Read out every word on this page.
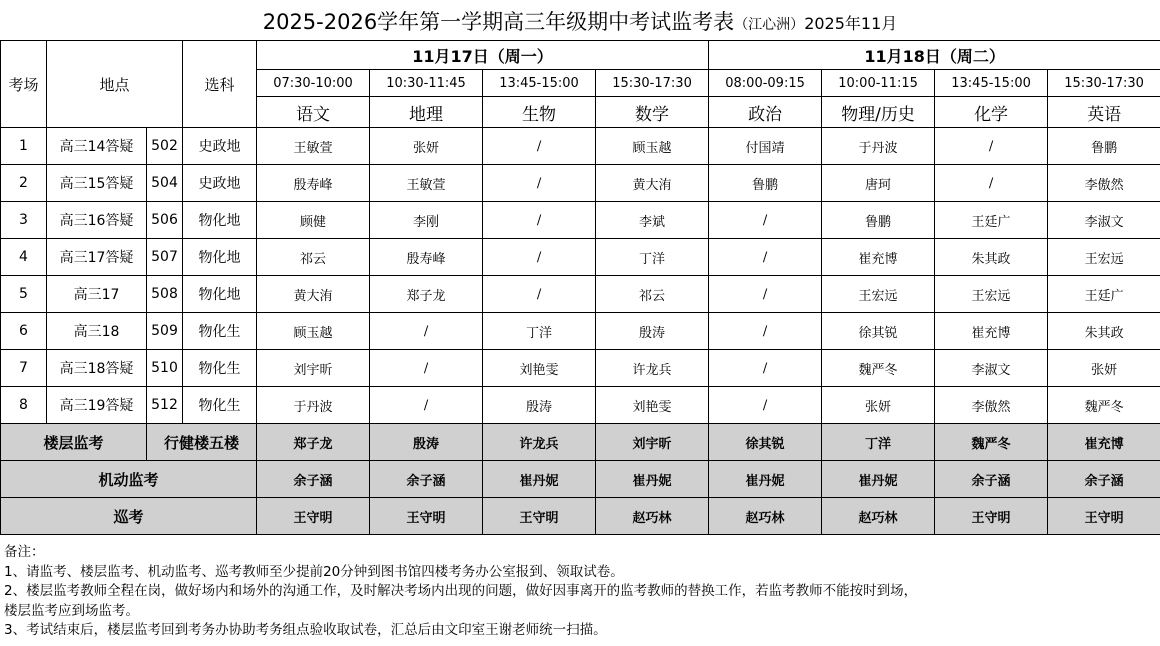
2025-2026学年第一学期高三年级期中考试监考表（江心洲）2025年11月
考场	地点		选科	11月17日（周一）				11月18日（周二）			
				07:30-10:00	10:30-11:45	13:45-15:00	15:30-17:30	08:00-09:15	10:00-11:15	13:45-15:00	15:30-17:30
				语文	地理	生物	数学	政治	物理/历史	化学	英语
1	高三14答疑	502	史政地	王敏萱	张妍	/	顾玉越	付国靖	于丹波	/	鲁鹏
2	高三15答疑	504	史政地	殷寿峰	王敏萱	/	黄大洧	鲁鹏	唐珂	/	李傲然
3	高三16答疑	506	物化地	顾健	李刚	/	李斌	/	鲁鹏	王廷广	李淑文
4	高三17答疑	507	物化地	祁云	殷寿峰	/	丁洋	/	崔充博	朱其政	王宏远
5	高三17	508	物化地	黄大洧	郑子龙	/	祁云	/	王宏远	王宏远	王廷广
6	高三18	509	物化生	顾玉越	/	丁洋	殷涛	/	徐其锐	崔充博	朱其政
7	高三18答疑	510	物化生	刘宇昕	/	刘艳雯	许龙兵	/	魏严冬	李淑文	张妍
8	高三19答疑	512	物化生	于丹波	/	殷涛	刘艳雯	/	张妍	李傲然	魏严冬
楼层监考		行健楼五楼		郑子龙	殷涛	许龙兵	刘宇昕	徐其锐	丁洋	魏严冬	崔充博
机动监考				余子涵	余子涵	崔丹妮	崔丹妮	崔丹妮	崔丹妮	余子涵	余子涵
巡考				王守明	王守明	王守明	赵巧林	赵巧林	赵巧林	王守明	王守明
备注：
1、请监考、楼层监考、机动监考、巡考教师至少提前20分钟到图书馆四楼考务办公室报到、领取试卷。
2、楼层监考教师全程在岗，做好场内和场外的沟通工作，及时解决考场内出现的问题，做好因事离开的监考教师的替换工作，若监考教师不能按时到场，
楼层监考应到场监考。
3、考试结束后，楼层监考回到考务办协助考务组点验收取试卷，汇总后由文印室王谢老师统一扫描。
